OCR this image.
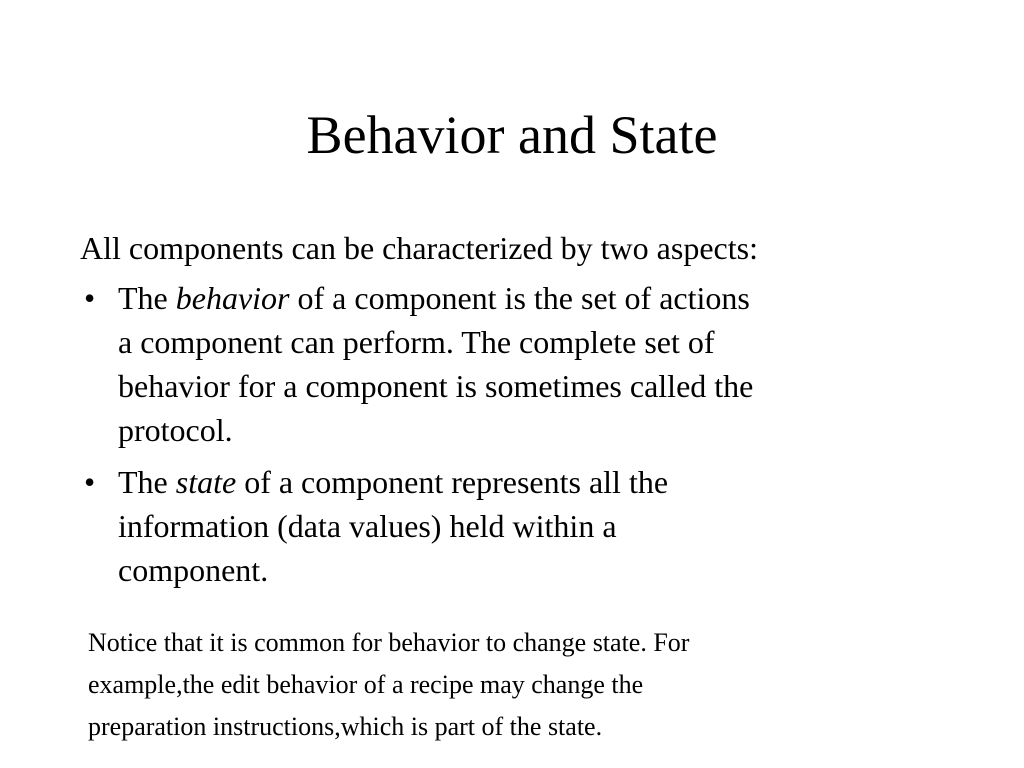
Behavior and State

All components can be characterized by two aspects:

• The behavior of a component is the set of actions
a component can perform. The complete set of
behavior for a component is sometimes called the
protocol.
• The state of a component represents all the
information (data values) held within a
component.
Notice that it is common for behavior to change state. For
example,the edit behavior of a recipe may change the
preparation instructions,which is part of the state.
